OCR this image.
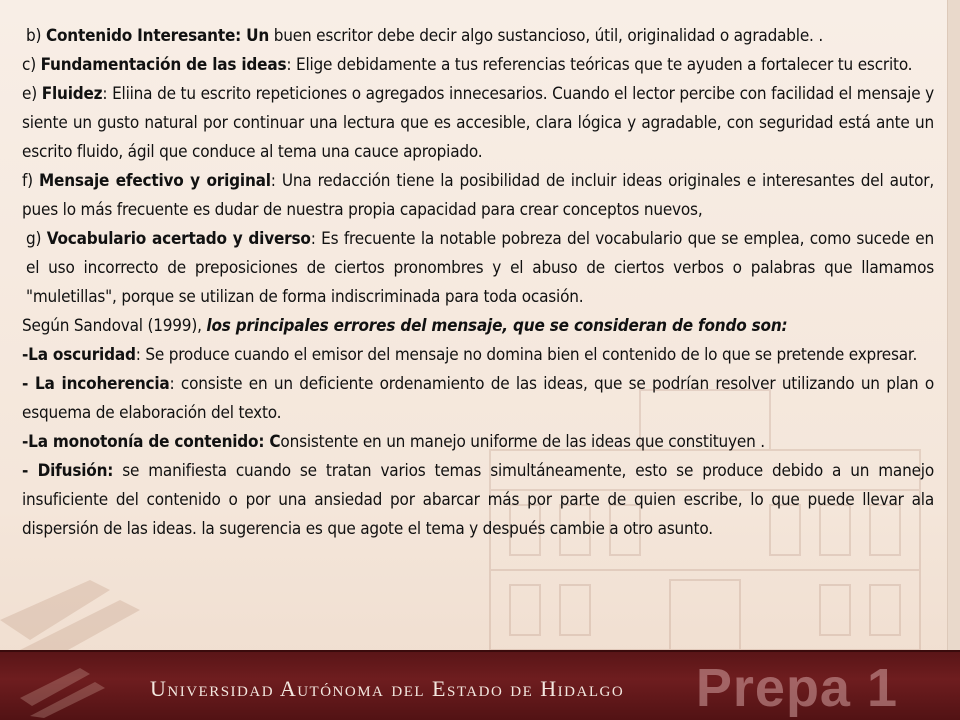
b) Contenido Interesante: Un buen escritor debe decir algo sustancioso, útil, originalidad o agradable. .

c) Fundamentación de las ideas: Elige debidamente a tus referencias teóricas que te ayuden a fortalecer tu escrito.

e) Fluidez: Eliina de tu escrito repeticiones o agregados innecesarios. Cuando el lector percibe con facilidad el mensaje y siente un gusto natural por continuar una lectura que es accesible, clara lógica y agradable, con seguridad está ante un escrito fluido, ágil que conduce al tema una cauce apropiado.

f) Mensaje efectivo y original: Una redacción tiene la posibilidad de incluir ideas originales e interesantes del autor, pues lo más frecuente es dudar de nuestra propia capacidad para crear conceptos nuevos,

g) Vocabulario acertado y diverso: Es frecuente la notable pobreza del vocabulario que se emplea, como sucede en el uso incorrecto de preposiciones de ciertos pronombres y el abuso de ciertos verbos o palabras que llamamos "muletillas", porque se utilizan de forma indiscriminada para toda ocasión.

Según Sandoval (1999), los principales errores del mensaje, que se consideran de fondo son:

-La oscuridad: Se produce cuando el emisor del mensaje no domina bien el contenido de lo que se pretende expresar.

- La incoherencia: consiste en un deficiente ordenamiento de las ideas, que se podrían resolver utilizando un plan o esquema de elaboración del texto.

-La monotonía de contenido: Consistente en un manejo uniforme de las ideas que constituyen .

- Difusión: se manifiesta cuando se tratan varios temas simultáneamente, esto se produce debido a un manejo insuficiente del contenido o por una ansiedad por abarcar más por parte de quien escribe, lo que puede llevar ala dispersión de las ideas. la sugerencia es que agote el tema y después cambie a otro asunto.

Universidad Autónoma del Estado de Hidalgo Prepa 1
